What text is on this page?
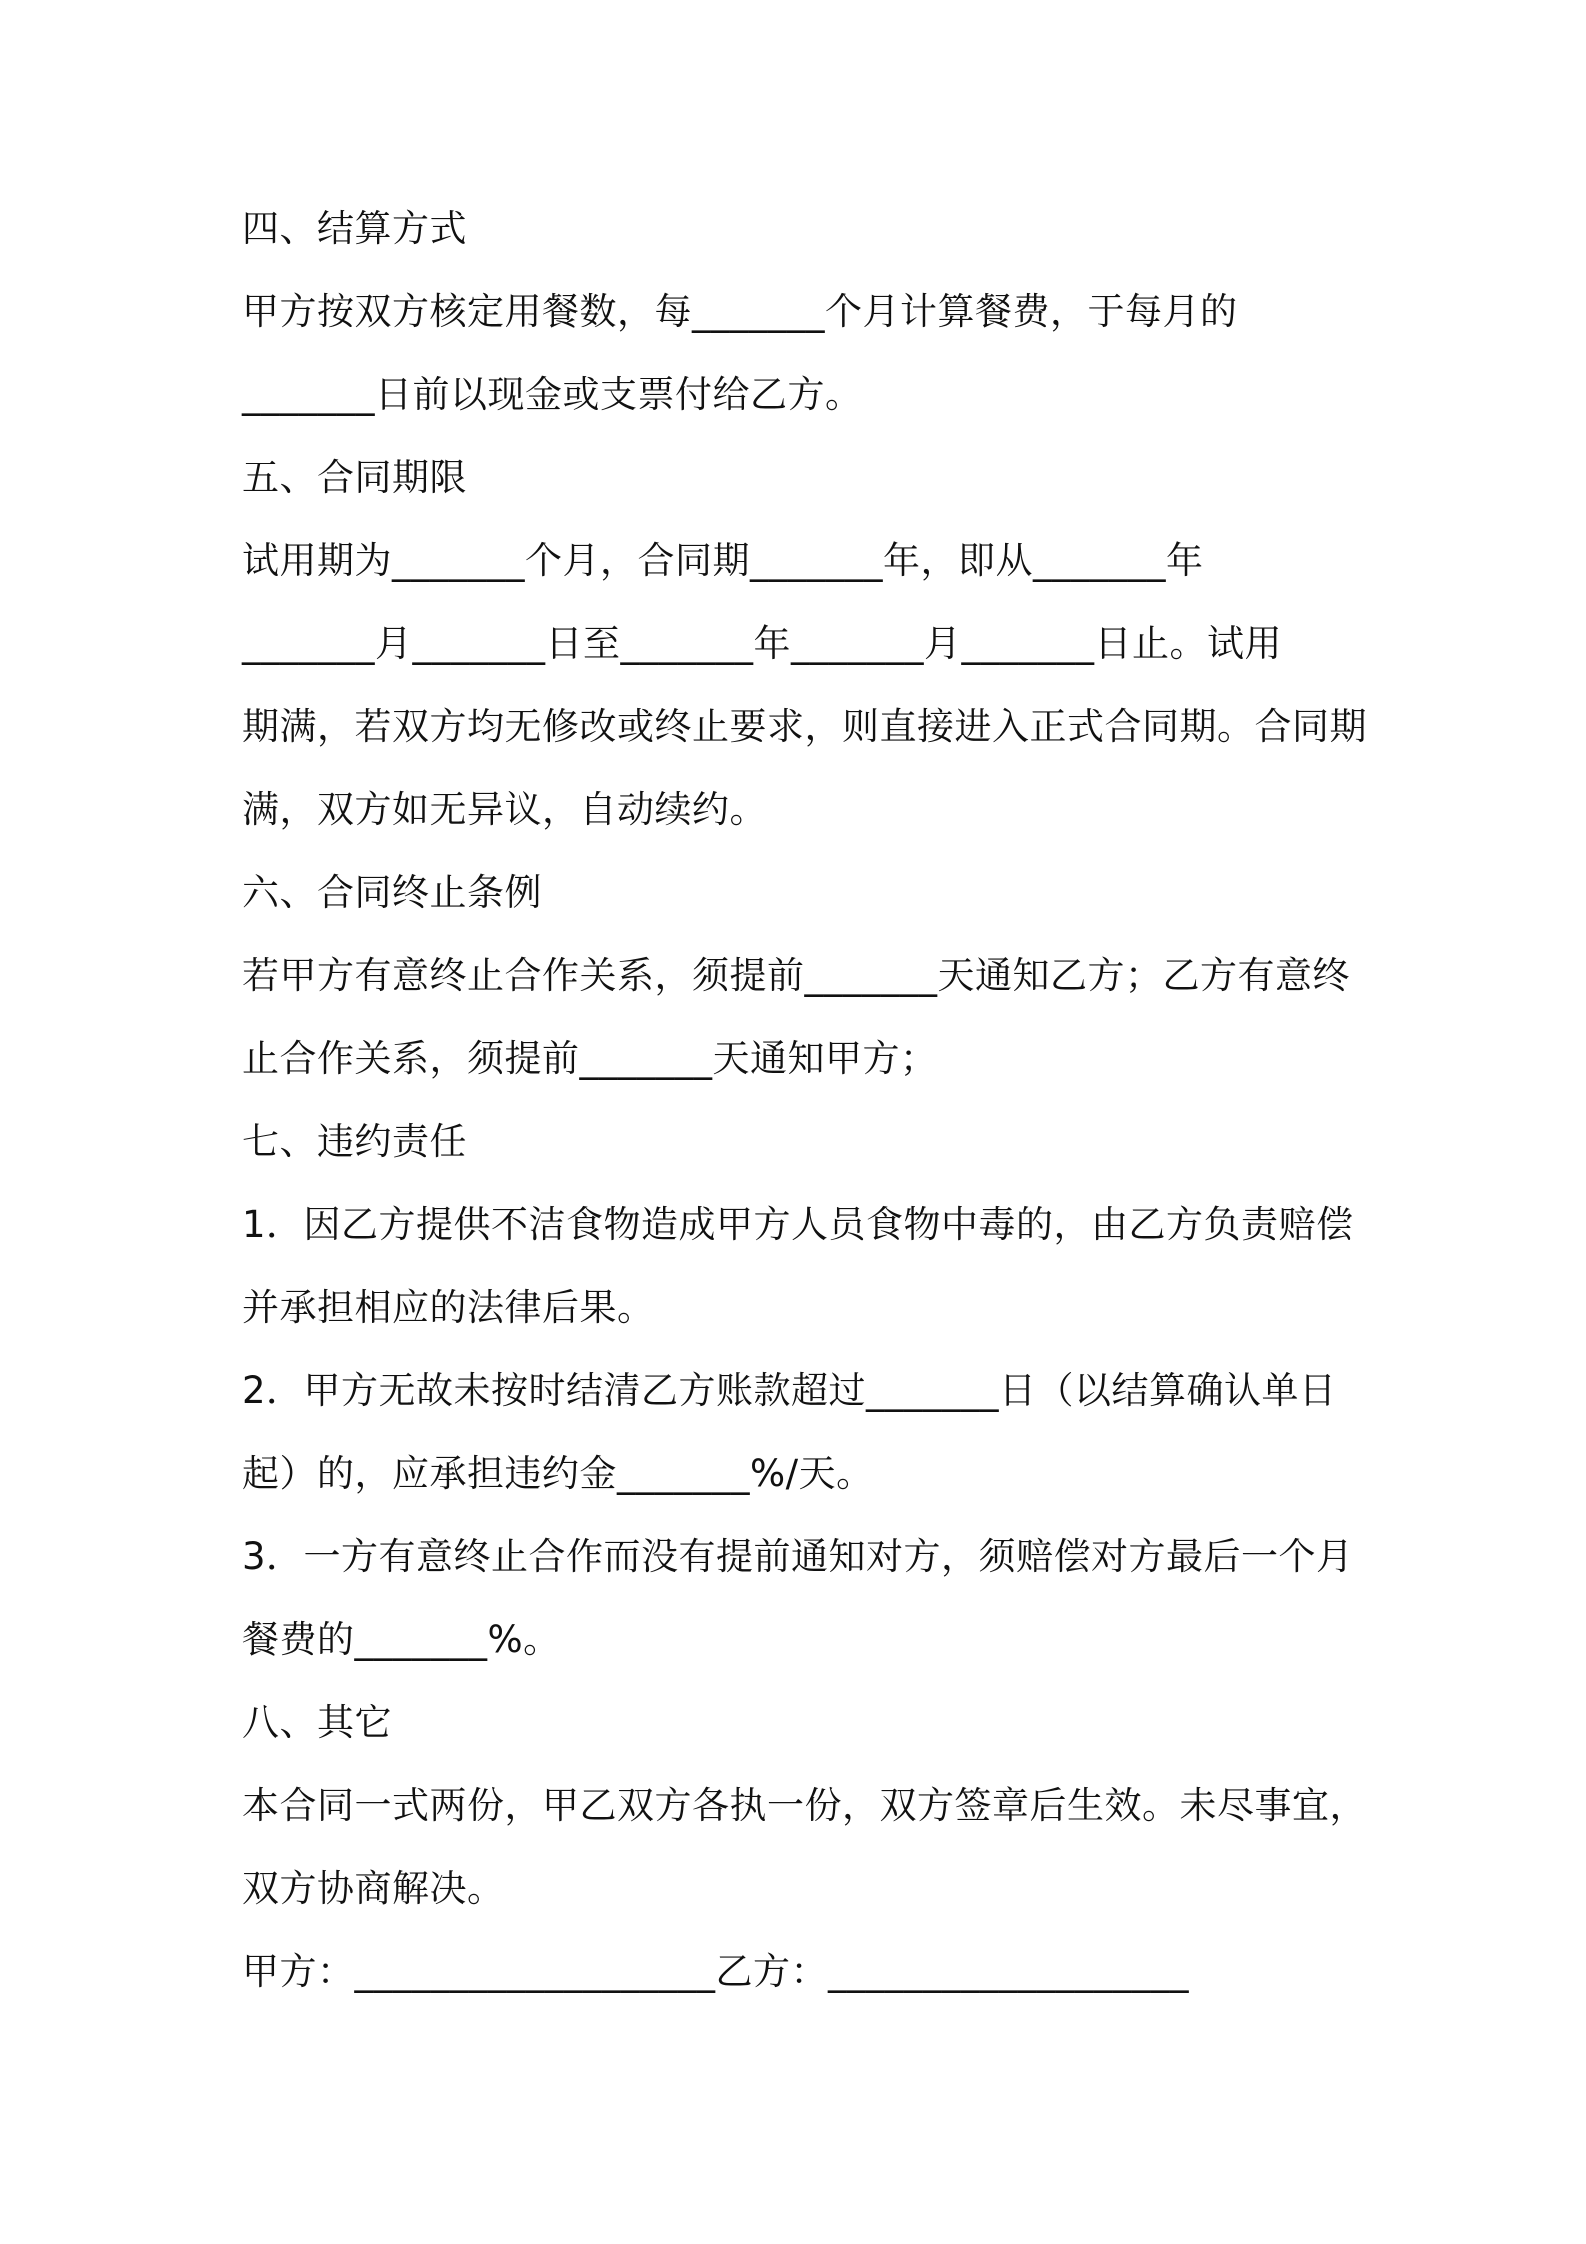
四、结算方式
甲方按双方核定用餐数，每_______个月计算餐费，于每月的
_______日前以现金或支票付给乙方。
五、合同期限
试用期为_______个月，合同期_______年，即从_______年
_______月_______日至_______年_______月_______日止。试用
期满，若双方均无修改或终止要求，则直接进入正式合同期。合同期
满，双方如无异议，自动续约。
六、合同终止条例
若甲方有意终止合作关系，须提前_______天通知乙方；乙方有意终
止合作关系，须提前_______天通知甲方；
七、违约责任
1．因乙方提供不洁食物造成甲方人员食物中毒的，由乙方负责赔偿
并承担相应的法律后果。
2．甲方无故未按时结清乙方账款超过_______日（以结算确认单日
起）的，应承担违约金_______%/天。
3．一方有意终止合作而没有提前通知对方，须赔偿对方最后一个月
餐费的_______%。
八、其它
本合同一式两份，甲乙双方各执一份，双方签章后生效。未尽事宜，
双方协商解决。
甲方：___________________乙方：___________________
